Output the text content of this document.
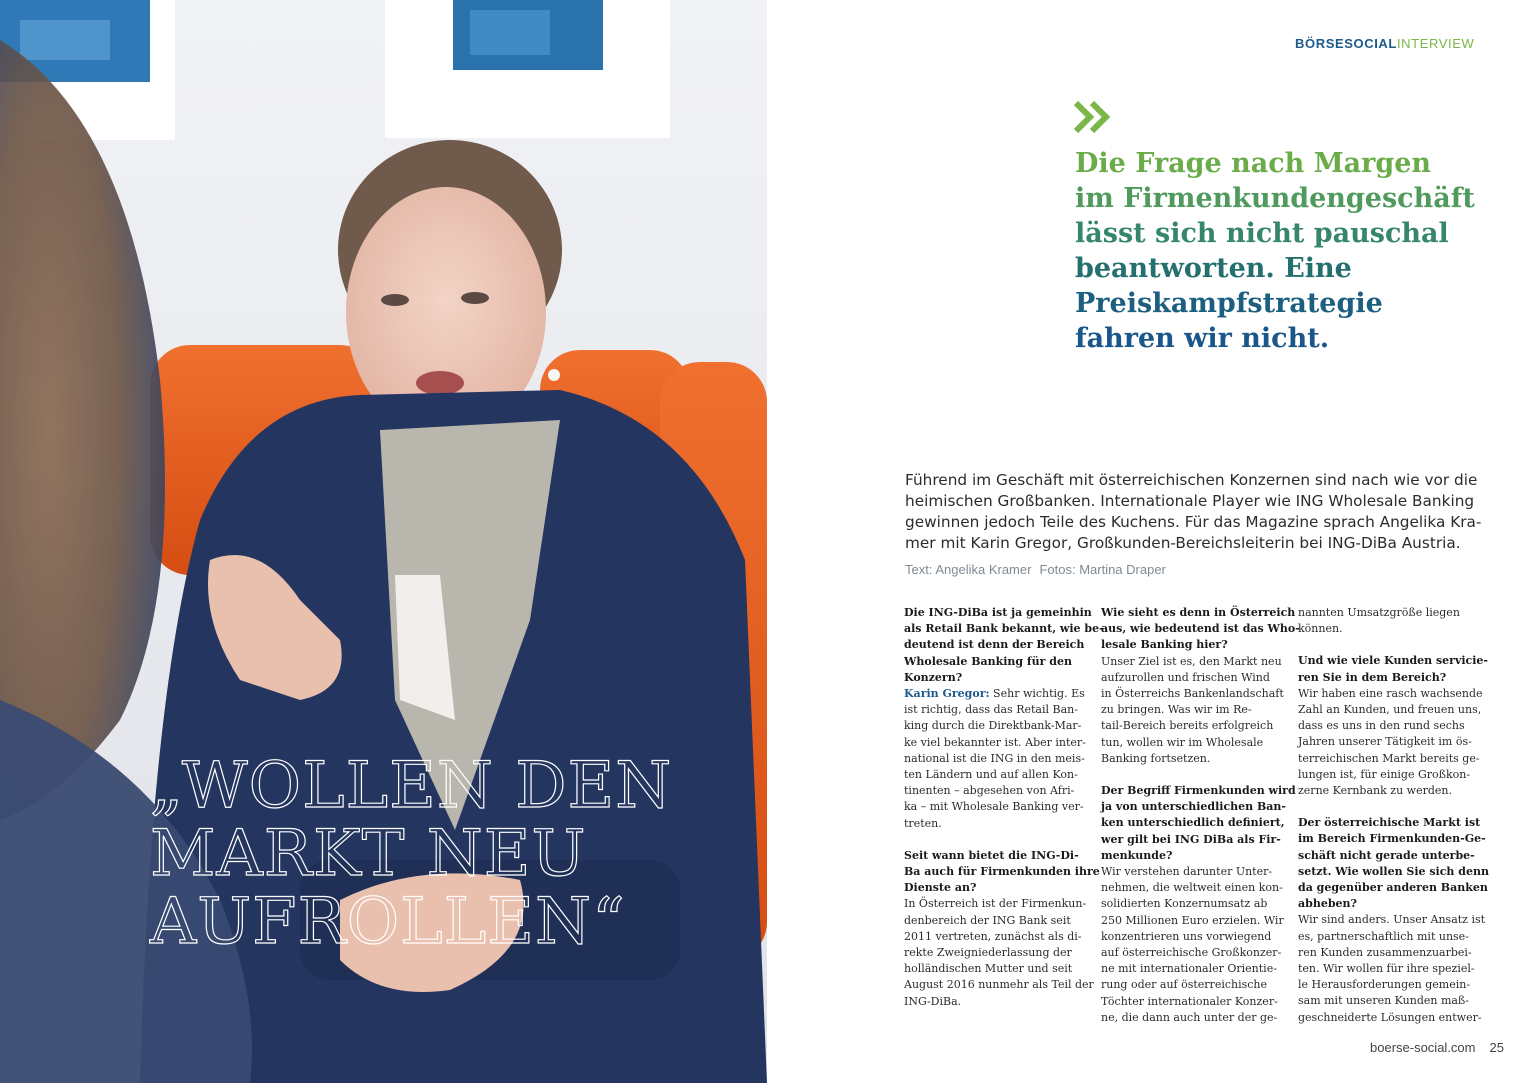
„WOLLEN DEN
MARKT NEU
AUFROLLEN“
BÖRSESOCIALINTERVIEW
Die Frage nach Margen
im Firmenkundengeschäft
lässt sich nicht pauschal
beantworten. Eine
Preiskampfstrategie
fahren wir nicht.
Führend im Geschäft mit österreichischen Konzernen sind nach wie vor die
heimischen Großbanken. Internationale Player wie ING Wholesale Banking
gewinnen jedoch Teile des Kuchens. Für das Magazine sprach Angelika Kra-
mer mit Karin Gregor, Großkunden-Bereichsleiterin bei ING-DiBa Austria.
Text: Angelika Kramer Fotos: Martina Draper
Die ING-DiBa ist ja gemeinhin
als Retail Bank bekannt, wie be-
deutend ist denn der Bereich
Wholesale Banking für den
Konzern?
Karin Gregor: Sehr wichtig. Es
ist richtig, dass das Retail Ban-
king durch die Direktbank-Mar-
ke viel bekannter ist. Aber inter-
national ist die ING in den meis-
ten Ländern und auf allen Kon-
tinenten – abgesehen von Afri-
ka – mit Wholesale Banking ver-
treten.
Seit wann bietet die ING-Di-
Ba auch für Firmenkunden ihre
Dienste an?
In Österreich ist der Firmenkun-
denbereich der ING Bank seit
2011 vertreten, zunächst als di-
rekte Zweigniederlassung der
holländischen Mutter und seit
August 2016 nunmehr als Teil der
ING-DiBa.
Wie sieht es denn in Österreich
aus, wie bedeutend ist das Who-
lesale Banking hier?
Unser Ziel ist es, den Markt neu
aufzurollen und frischen Wind
in Österreichs Bankenlandschaft
zu bringen. Was wir im Re-
tail-Bereich bereits erfolgreich
tun, wollen wir im Wholesale
Banking fortsetzen.
Der Begriff Firmenkunden wird
ja von unterschiedlichen Ban-
ken unterschiedlich definiert,
wer gilt bei ING DiBa als Fir-
menkunde?
Wir verstehen darunter Unter-
nehmen, die weltweit einen kon-
solidierten Konzernumsatz ab
250 Millionen Euro erzielen. Wir
konzentrieren uns vorwiegend
auf österreichische Großkonzer-
ne mit internationaler Orientie-
rung oder auf österreichische
Töchter internationaler Konzer-
ne, die dann auch unter der ge-
nannten Umsatzgröße liegen
können.
Und wie viele Kunden servicie-
ren Sie in dem Bereich?
Wir haben eine rasch wachsende
Zahl an Kunden, und freuen uns,
dass es uns in den rund sechs
Jahren unserer Tätigkeit im ös-
terreichischen Markt bereits ge-
lungen ist, für einige Großkon-
zerne Kernbank zu werden.
Der österreichische Markt ist
im Bereich Firmenkunden-Ge-
schäft nicht gerade unterbe-
setzt. Wie wollen Sie sich denn
da gegenüber anderen Banken
abheben?
Wir sind anders. Unser Ansatz ist
es, partnerschaftlich mit unse-
ren Kunden zusammenzuarbei-
ten. Wir wollen für ihre speziel-
le Herausforderungen gemein-
sam mit unseren Kunden maß-
geschneiderte Lösungen entwer-
boerse-social.com 25
